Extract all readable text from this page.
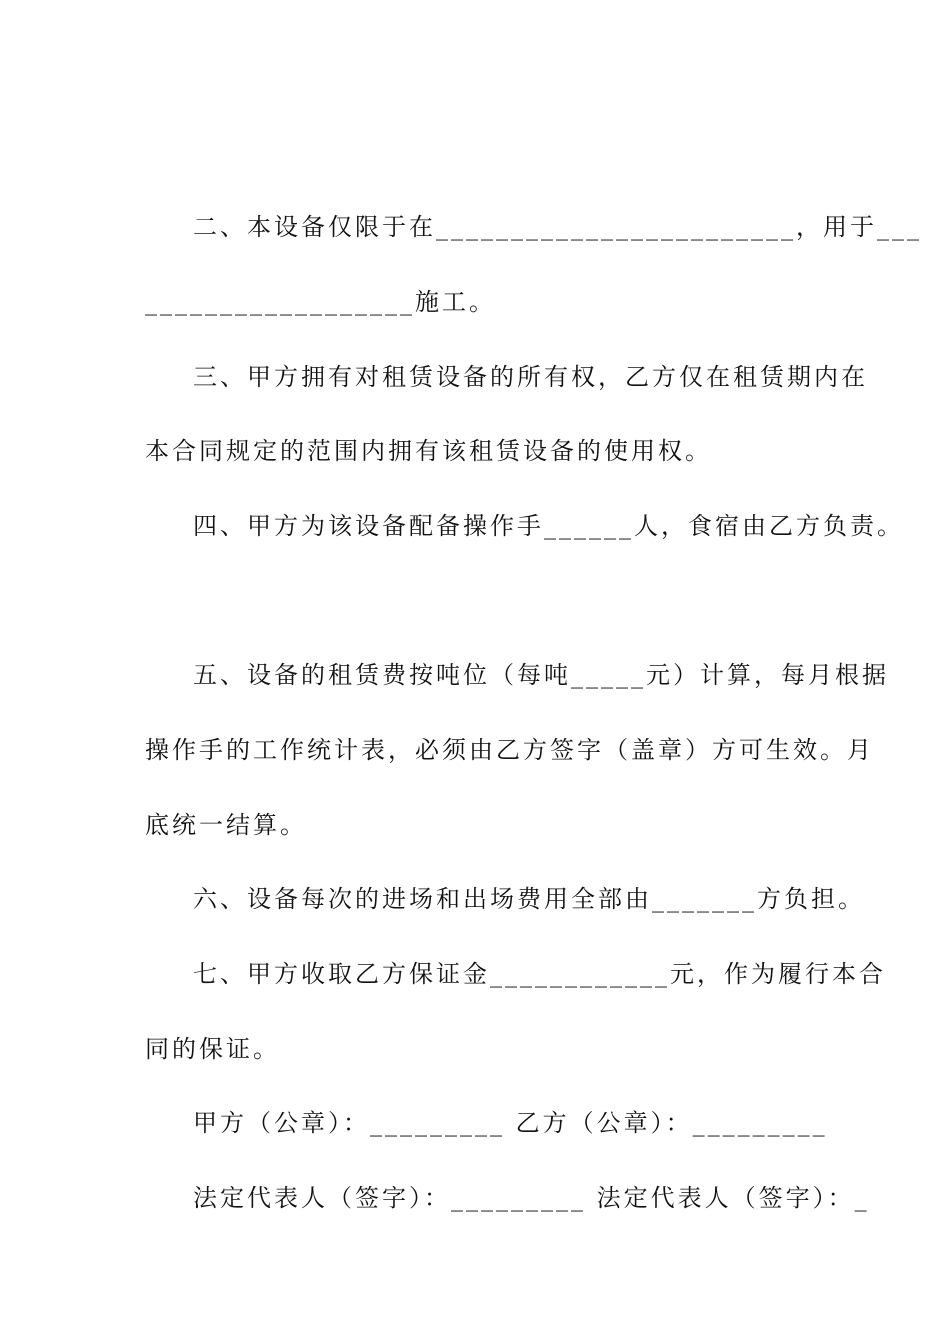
二、本设备仅限于在________________________，用于___

__________________施工。

三、甲方拥有对租赁设备的所有权，乙方仅在租赁期内在

本合同规定的范围内拥有该租赁设备的使用权。

四、甲方为该设备配备操作手______人，食宿由乙方负责。

五、设备的租赁费按吨位（每吨_____元）计算，每月根据

操作手的工作统计表，必须由乙方签字（盖章）方可生效。月

底统一结算。

六、设备每次的进场和出场费用全部由_______方负担。

七、甲方收取乙方保证金____________元，作为履行本合

同的保证。

甲方（公章）：_________ 乙方（公章）：_________

法定代表人（签字）：_________ 法定代表人（签字）：_
